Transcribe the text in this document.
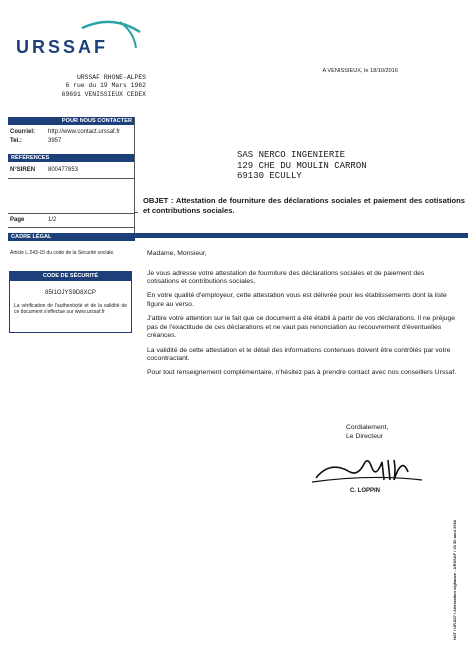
URSSAF
URSSAF RHONE-ALPES
6 rue du 19 Mars 1962
69691 VENISSIEUX CEDEX
POUR NOUS CONTACTER
Courriel: http://www.contact.urssaf.fr
Tel.:	3957
RÉFÉRENCES
N°SIREN 800477853
Page	1/2
CADRE LÉGAL
Article L.243-15 du code de la Sécurité sociale.
CODE DE SÉCURITÉ
85I1OJYS9D8XCP
La vérification de l'authenticité et de la validité de ce document s'effectue sur www.urssaf.fr
A VENISSIEUX, le 18/10/2016
SAS NERCO INGENIERIE
129 CHE DU MOULIN CARRON
69130 ECULLY
OBJET : Attestation de fourniture des déclarations sociales et paiement des cotisations et contributions sociales.

Madame, Monsieur,

Je vous adresse votre attestation de fourniture des déclarations sociales et de paiement des cotisations et contributions sociales.

En votre qualité d'employeur, cette attestation vous est délivrée pour les établissements dont la liste figure au verso.

J'attire votre attention sur le fait que ce document a été établi à partir de vos déclarations. Il ne préjuge pas de l'exactitude de ces déclarations et ne vaut pas renonciation au recouvrement d'éventuelles créances.

La validité de cette attestation et le détail des informations contenues doivent être contrôlés par votre cocontractant.

Pour tout renseignement complémentaire, n'hésitez pas à prendre contact avec nos conseillers Urssaf.

Cordialement,
Le Directeur
C. LOPPIN
NAT / UR.837 / Attestation vigilance - URSSAF / 23 30 août 2016
